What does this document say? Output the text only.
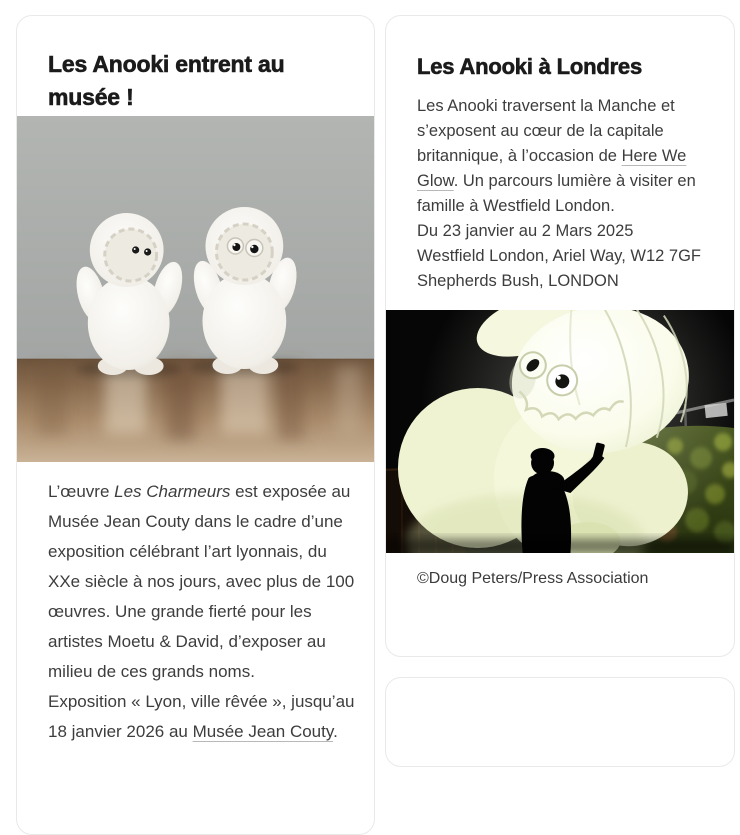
Les Anooki entrent au musée !

L’œuvre Les Charmeurs est exposée au Musée Jean Couty dans le cadre d’une exposition célébrant l’art lyonnais, du XXe siècle à nos jours, avec plus de 100 œuvres. Une grande fierté pour les artistes Moetu & David, d’exposer au milieu de ces grands noms.
Exposition « Lyon, ville rêvée », jusqu’au 18 janvier 2026 au Musée Jean Couty.

Les Anooki à Londres

Les Anooki traversent la Manche et s’exposent au cœur de la capitale britannique, à l’occasion de Here We Glow. Un parcours lumière à visiter en famille à Westfield London.
Du 23 janvier au 2 Mars 2025
Westfield London, Ariel Way, W12 7GF
Shepherds Bush, LONDON

©Doug Peters/Press Association
